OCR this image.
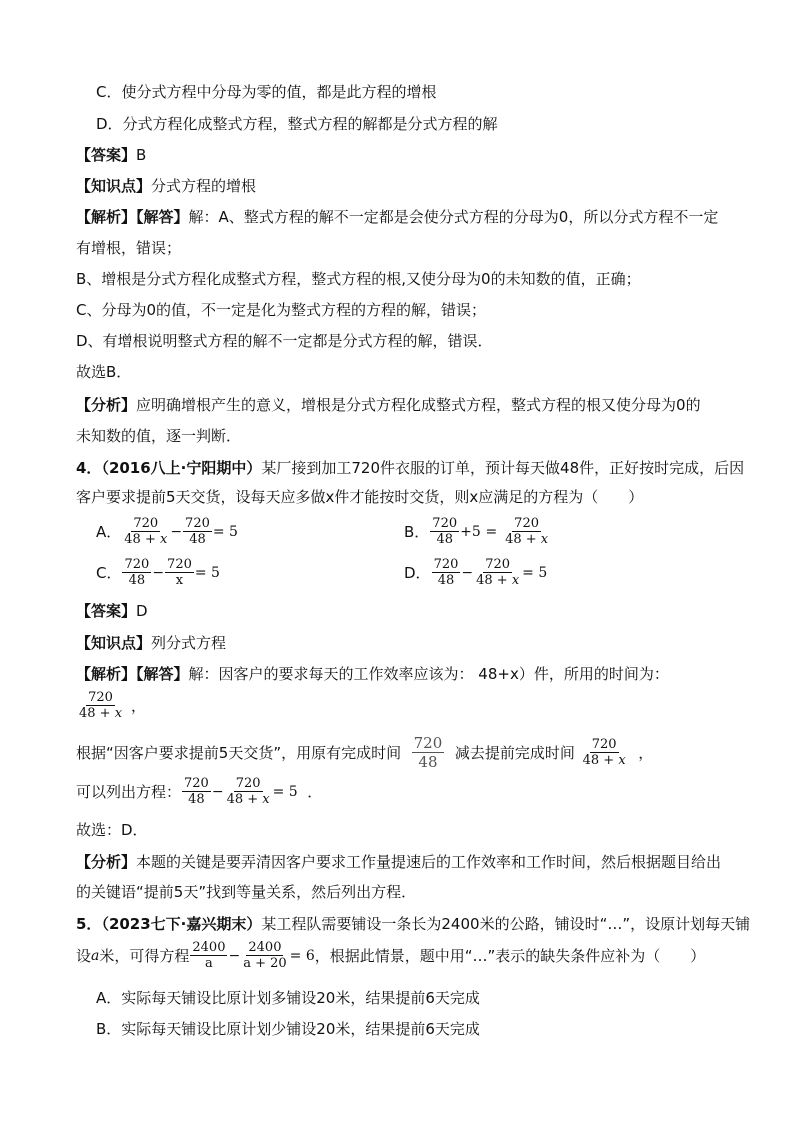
C．使分式方程中分母为零的值，都是此方程的增根
D．分式方程化成整式方程，整式方程的解都是分式方程的解
【答案】B
【知识点】分式方程的增根
【解析】【解答】解：A、整式方程的解不一定都是会使分式方程的分母为0，所以分式方程不一定
有增根，错误；
B、增根是分式方程化成整式方程，整式方程的根,又使分母为0的未知数的值，正确；
C、分母为0的值，不一定是化为整式方程的方程的解，错误；
D、有增根说明整式方程的解不一定都是分式方程的解，错误．
故选B．
【分析】应明确增根产生的意义，增根是分式方程化成整式方程，整式方程的根又使分母为0的
未知数的值，逐一判断．
4．（2016八上·宁阳期中）某厂接到加工720件衣服的订单，预计每天做48件，正好按时完成，后因
客户要求提前5天交货，设每天应多做x件才能按时交货，则x应满足的方程为（　　）
A． $\frac{720}{48 + x} - \frac{720}{48} = 5$	B． $\frac{720}{48} +5$
=
$\frac{720}{48 + x}$
C． $\frac{720}{48} - \frac{720}{x} = 5$	D． $\frac{720}{48} - \frac{720}{48 + x} = 5$
【答案】D
【知识点】列分式方程
【解析】【解答】解：因客户的要求每天的工作效率应该为： 48+x）件，所用的时间为：
$\frac{720}{48 + x}$ ，
根据“因客户要求提前5天交货”，用原有完成时间
$\frac{720}{48}$
减去提前完成时间
$\frac{720}{48 + x}$
，
可以列出方程： $\frac{720}{48} - \frac{720}{48 + x} = 5$
．
故选：D．
【分析】本题的关键是要弄清因客户要求工作量提速后的工作效率和工作时间，然后根据题目给出
的关键语“提前5天”找到等量关系，然后列出方程．
5．（2023七下·嘉兴期末）某工程队需要铺设一条长为2400米的公路，铺设时“…”，设原计划每天铺
设 a 米，可得方程 $\frac{2400}{a} - \frac{2400}{a + 20} = 6$ ，根据此情景，题中用“…”表示的缺失条件应补为（　　）
A．实际每天铺设比原计划多铺设20米，结果提前6天完成
B．实际每天铺设比原计划少铺设20米，结果提前6天完成
